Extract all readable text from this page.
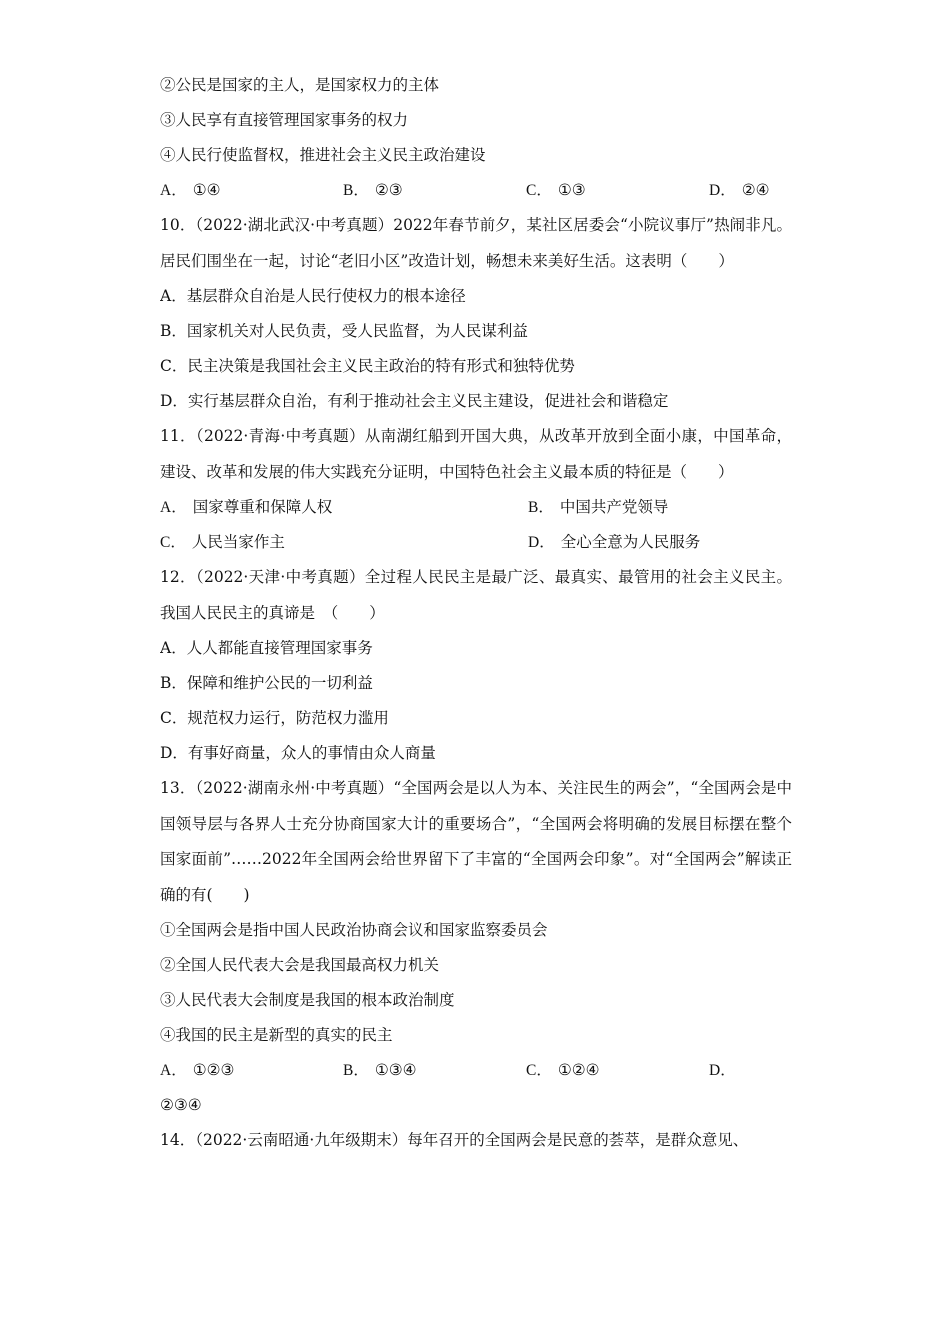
②公民是国家的主人，是国家权力的主体
③人民享有直接管理国家事务的权力
④人民行使监督权，推进社会主义民主政治建设
A． ①④	B． ②③	C． ①③	D． ②④
10．（2022·湖北武汉·中考真题）2022年春节前夕，某社区居委会“小院议事厅”热闹非凡。居民们围坐在一起，讨论“老旧小区”改造计划，畅想未来美好生活。这表明（　　）
A．基层群众自治是人民行使权力的根本途径
B．国家机关对人民负责，受人民监督，为人民谋利益
C．民主决策是我国社会主义民主政治的特有形式和独特优势
D．实行基层群众自治，有利于推动社会主义民主建设，促进社会和谐稳定
11．（2022·青海·中考真题）从南湖红船到开国大典，从改革开放到全面小康，中国革命，建设、改革和发展的伟大实践充分证明，中国特色社会主义最本质的特征是（　　）
A． 国家尊重和保障人权	B． 中国共产党领导
C． 人民当家作主	D． 全心全意为人民服务
12．（2022·天津·中考真题）全过程人民民主是最广泛、最真实、最管用的社会主义民主。我国人民民主的真谛是　（　　）
A．人人都能直接管理国家事务
B．保障和维护公民的一切利益
C．规范权力运行，防范权力滥用
D．有事好商量，众人的事情由众人商量
13．（2022·湖南永州·中考真题）“全国两会是以人为本、关注民生的两会”，“全国两会是中国领导层与各界人士充分协商国家大计的重要场合”，“全国两会将明确的发展目标摆在整个国家面前”……2022年全国两会给世界留下了丰富的“全国两会印象”。对“全国两会”解读正确的有(　　)
①全国两会是指中国人民政治协商会议和国家监察委员会
②全国人民代表大会是我国最高权力机关
③人民代表大会制度是我国的根本政治制度
④我国的民主是新型的真实的民主
A． ①②③	B． ①③④	C． ①②④	D．
②③④
14．（2022·云南昭通·九年级期末）每年召开的全国两会是民意的荟萃，是群众意见、
